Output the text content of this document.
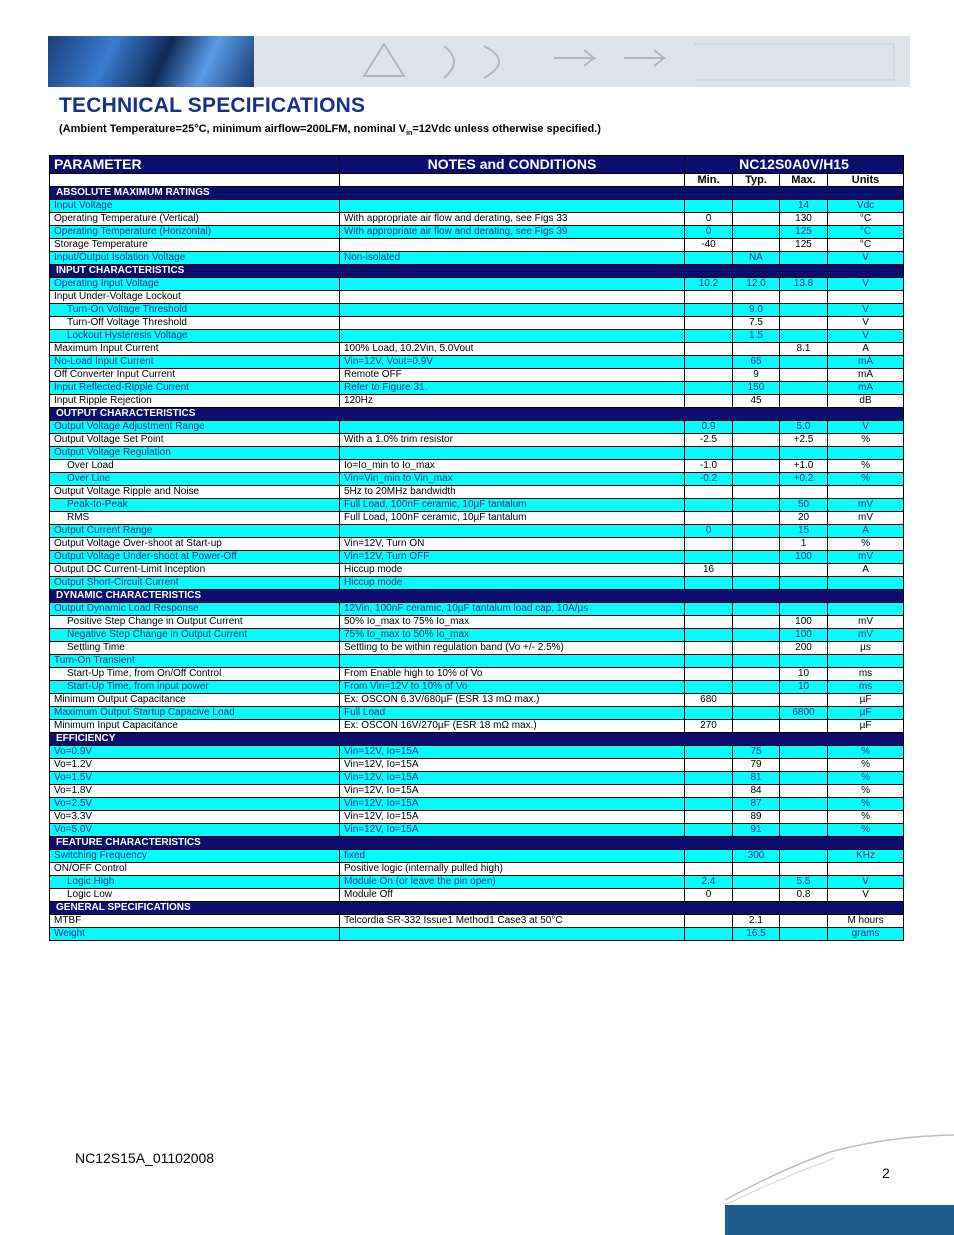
TECHNICAL SPECIFICATIONS
(Ambient Temperature=25°C, minimum airflow=200LFM, nominal $V_{in}=12Vdc$ unless otherwise specified.)
PARAMETER	NOTES and CONDITIONS	NC12S0A0V/H15			
		Min.	Typ.	Max.	Units
ABSOLUTE MAXIMUM RATINGS					
Input Voltage				14	Vdc
Operating Temperature (Vertical)	With appropriate air flow and derating, see Figs 33	0		130	°C
Operating Temperature (Horizontal)	With appropriate air flow and derating, see Figs 39	0		125	°C
Storage Temperature		-40		125	°C
Input/Output Isolation Voltage	Non-isolated		NA		V
INPUT CHARACTERISTICS					
Operating Input Voltage		10.2	12.0	13.8	V
Input Under-Voltage Lockout					
Turn-On Voltage Threshold			9.0		V
Turn-Off Voltage Threshold			7.5		V
Lockout Hysteresis Voltage			1.5		V
Maximum Input Current	100% Load, 10.2Vin, 5.0Vout			8.1	A
No-Load Input Current	Vin=12V, Vout=0.9V		65		mA
Off Converter Input Current	Remote OFF		9		mA
Input Reflected-Ripple Current	Refer to Figure 31.		150		mA
Input Ripple Rejection	120Hz		45		dB
OUTPUT CHARACTERISTICS					
Output Voltage Adjustment Range		0.9		5.0	V
Output Voltage Set Point	With a 1.0% trim resistor	-2.5		+2.5	%
Output Voltage Regulation					
Over Load	Io=Io_min to Io_max	-1.0		+1.0	%
Over Line	Vin=Vin_min to Vin_max	-0.2		+0.2	%
Output Voltage Ripple and Noise	5Hz to 20MHz bandwidth				
Peak-to-Peak	Full Load, 100nF ceramic, 10µF tantalum			50	mV
RMS	Full Load, 100nF ceramic, 10µF tantalum			20	mV
Output Current Range		0		15	A
Output Voltage Over-shoot at Start-up	Vin=12V, Turn ON			1	%
Output Voltage Under-shoot at Power-Off	Vin=12V, Turn OFF			100	mV
Output DC Current-Limit Inception	Hiccup mode	16			A
Output Short-Circuit Current	Hiccup mode				
DYNAMIC CHARACTERISTICS					
Output Dynamic Load Response	12Vin, 100nF ceramic, 10µF tantalum load cap, 10A/µs				
Positive Step Change in Output Current	50% Io_max to 75% Io_max			100	mV
Negative Step Change in Output Current	75% Io_max to 50% Io_max			100	mV
Settling Time	Settling to be within regulation band (Vo +/- 2.5%)			200	µs
Turn-On Transient					
Start-Up Time, from On/Off Control	From Enable high to 10% of Vo			10	ms
Start-Up Time, from input power	From Vin=12V to 10% of Vo			10	ms
Minimum Output Capacitance	Ex: OSCON 6.3V/680µF (ESR 13 mΩ max.)	680			µF
Maximum Output Startup Capacive Load	Full Load			6800	µF
Minimum Input Capacitance	Ex: OSCON 16V/270µF (ESR 18 mΩ max.)	270			µF
EFFICIENCY					
Vo=0.9V	Vin=12V, Io=15A		75		%
Vo=1.2V	Vin=12V, Io=15A		79		%
Vo=1.5V	Vin=12V, Io=15A		81		%
Vo=1.8V	Vin=12V, Io=15A		84		%
Vo=2.5V	Vin=12V, Io=15A		87		%
Vo=3.3V	Vin=12V, Io=15A		89		%
Vo=5.0V	Vin=12V, Io=15A		91		%
FEATURE CHARACTERISTICS					
Switching Frequency	fixed		300		KHz
ON/OFF Control	Positive logic (internally pulled high)				
Logic High	Module On (or leave the pin open)	2.4		5.5	V
Logic Low	Module Off	0		0.8	V
GENERAL SPECIFICATIONS					
MTBF	Telcordia SR-332 Issue1 Method1 Case3 at 50°C		2.1		M hours
Weight			16.5		grams
NC12S15A_01102008
2
